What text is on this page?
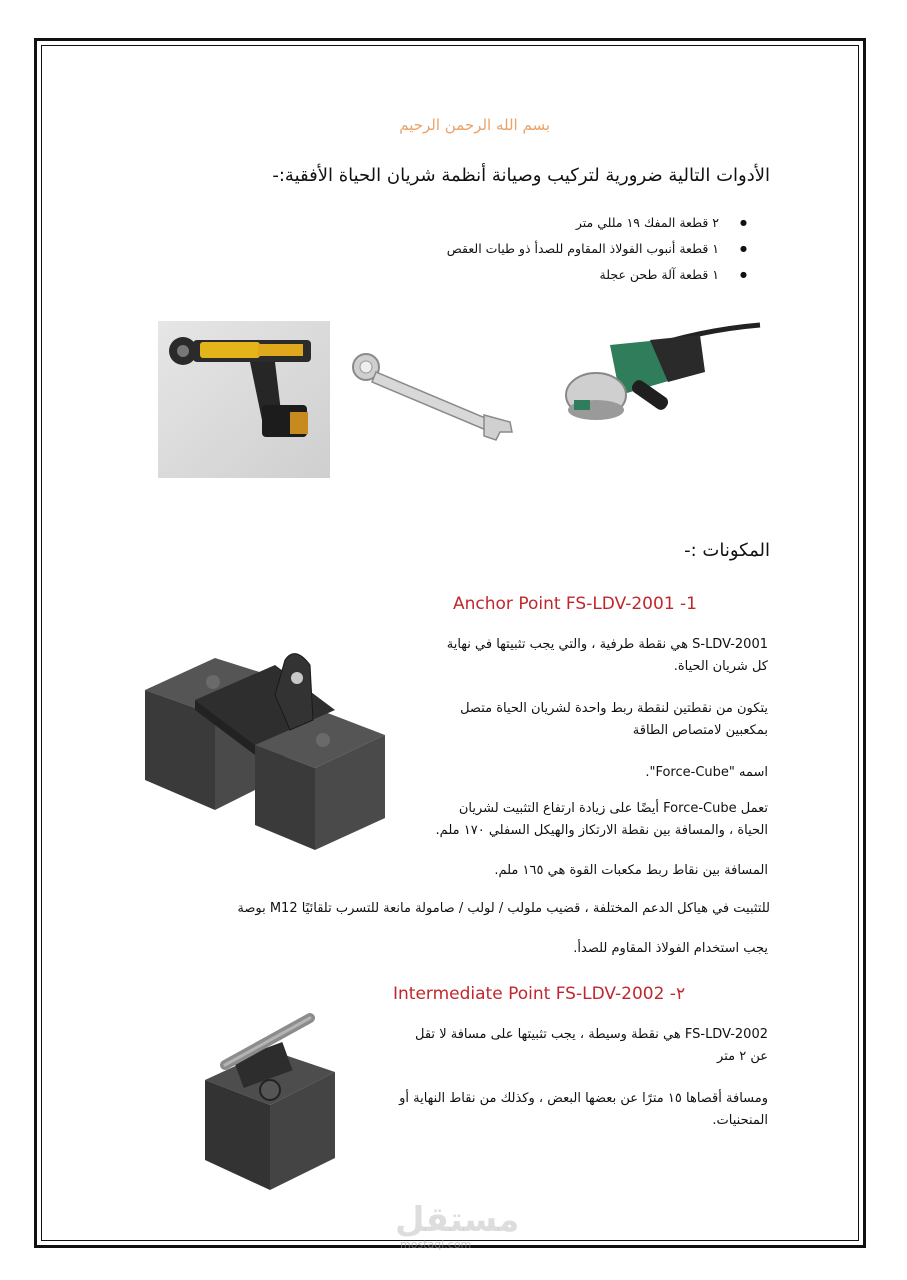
بسم الله الرحمن الرحيم
الأدوات التالية ضرورية لتركيب وصيانة أنظمة شريان الحياة الأفقية:-
● ٢ قطعة المفك ١٩ مللي متر
● ١ قطعة أنبوب الفولاذ المقاوم للصدأ ذو طيات العقص
● ١ قطعة آلة طحن عجلة
المكونات :-
Anchor Point FS-LDV-2001 -1
S-LDV-2001 هي نقطة طرفية ، والتي يجب تثبيتها في نهاية
كل شريان الحياة.
يتكون من نقطتين لنقطة ربط واحدة لشريان الحياة متصل
بمكعبين لامتصاص الطاقة
اسمه "Force-Cube".
تعمل Force-Cube أيضًا على زيادة ارتفاع التثبيت لشريان
الحياة ، والمسافة بين نقطة الارتكاز والهيكل السفلي ١٧٠ ملم.
المسافة بين نقاط ربط مكعبات القوة هي ١٦٥ ملم.
للتثبيت في هياكل الدعم المختلفة ، قضيب ملولب / لولب / صامولة مانعة للتسرب تلقائيًا M12 بوصة
يجب استخدام الفولاذ المقاوم للصدأ.
Intermediate Point FS-LDV-2002 -٢
FS-LDV-2002 هي نقطة وسيطة ، يجب تثبيتها على مسافة لا تقل
عن ٢ متر
ومسافة أقصاها ١٥ مترًا عن بعضها البعض ، وكذلك من نقاط النهاية أو
المنحنيات.
مستقل
mostaql.com
